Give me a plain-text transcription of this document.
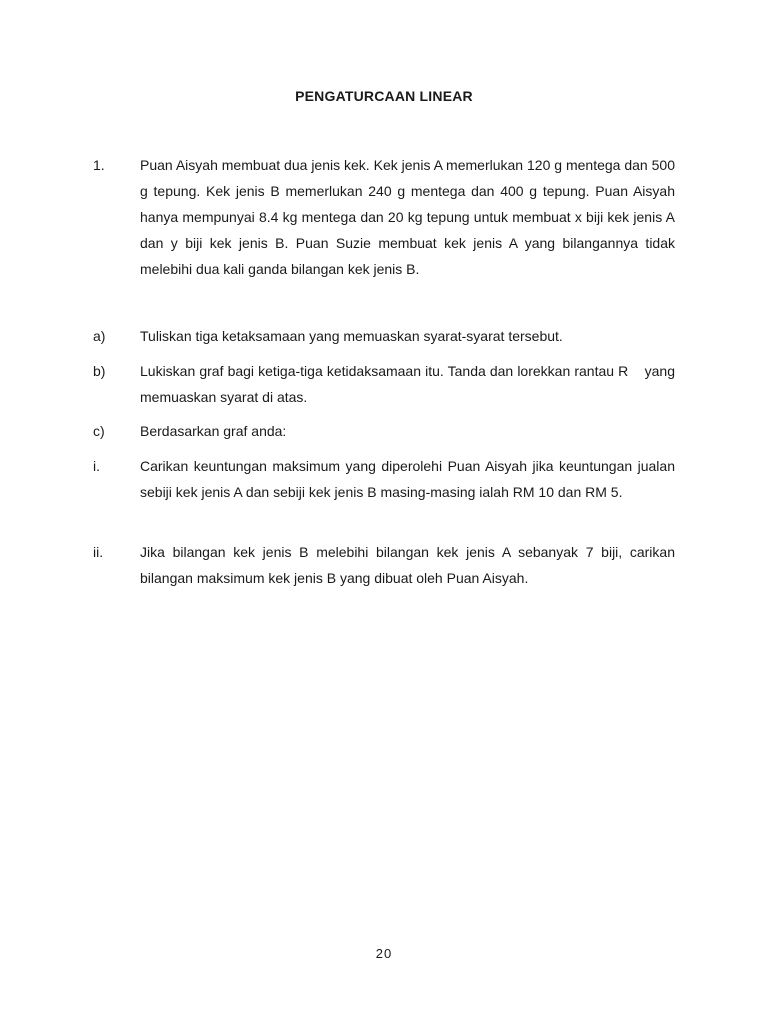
PENGATURCAAN LINEAR
1.	Puan Aisyah membuat dua jenis kek. Kek jenis A memerlukan 120 g mentega dan 500 g tepung. Kek jenis B memerlukan 240 g mentega dan 400 g tepung. Puan Aisyah hanya mempunyai 8.4 kg mentega dan 20 kg tepung untuk membuat x biji kek jenis A dan y biji kek jenis B. Puan Suzie membuat kek jenis A yang bilangannya tidak melebihi dua kali ganda bilangan kek jenis B.
a)	Tuliskan tiga ketaksamaan yang memuaskan syarat-syarat tersebut.
b)	Lukiskan graf bagi ketiga-tiga ketidaksamaan itu. Tanda dan lorekkan rantau R    yang memuaskan syarat di atas.
c)	Berdasarkan graf anda:
i.	Carikan keuntungan maksimum yang diperolehi Puan Aisyah jika keuntungan jualan sebiji kek jenis A dan sebiji kek jenis B masing-masing ialah RM 10 dan RM 5.
ii.	Jika bilangan kek jenis B melebihi bilangan kek jenis A sebanyak 7 biji, carikan bilangan maksimum kek jenis B yang dibuat oleh Puan Aisyah.
20
